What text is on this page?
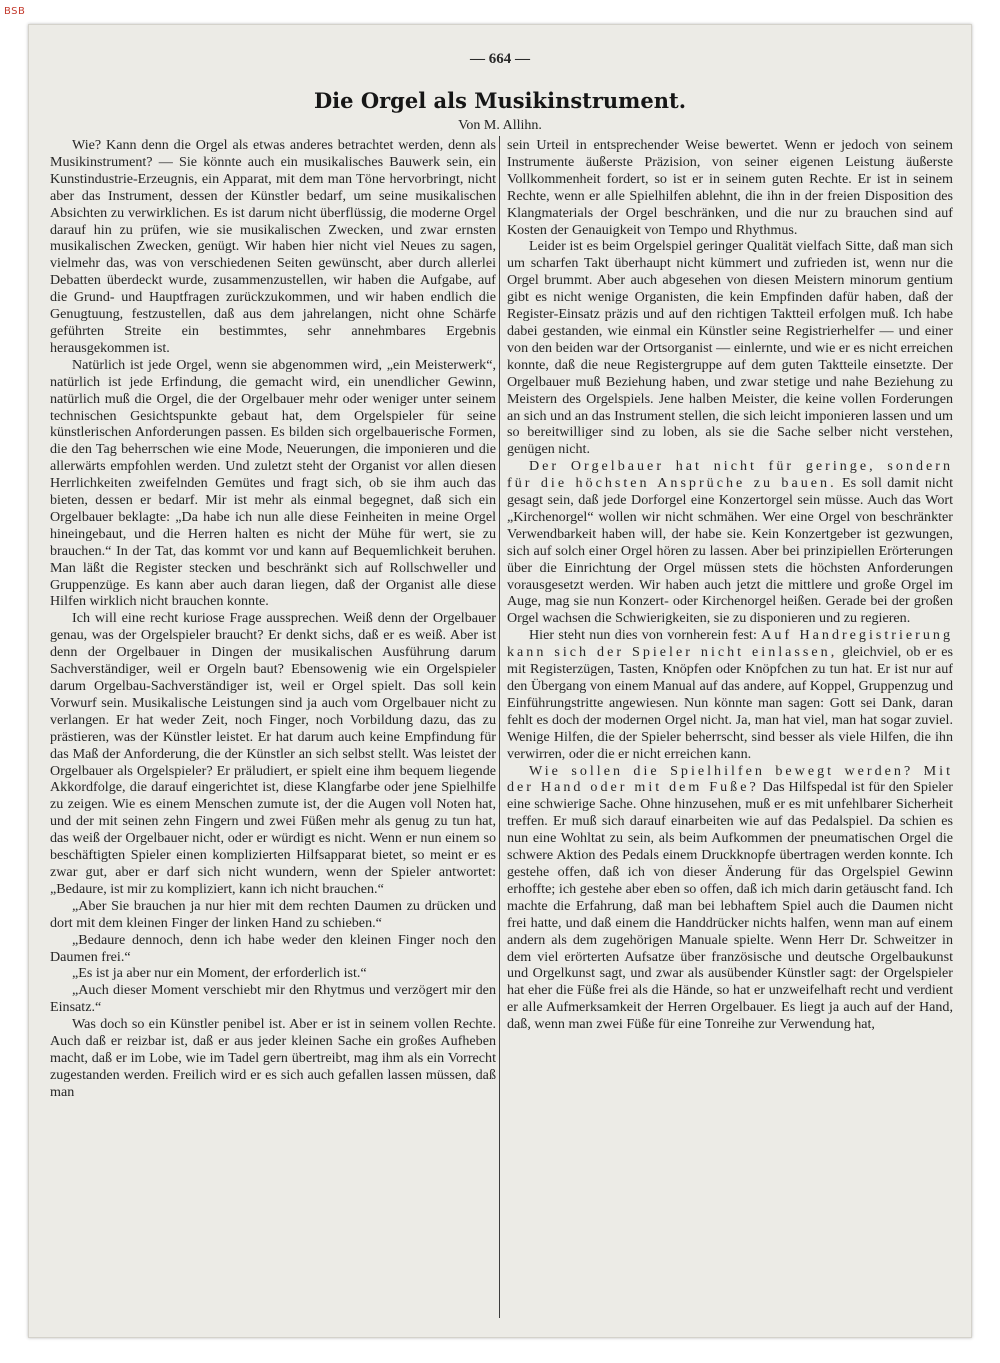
BSB
— 664 —
Die Orgel als Musikinstrument.
Von M. Allihn.

Wie? Kann denn die Orgel als etwas anderes betrachtet werden, denn als Musikinstrument? — Sie könnte auch ein musikalisches Bauwerk sein, ein Kunstindustrie-Erzeugnis, ein Apparat, mit dem man Töne hervorbringt, nicht aber das Instrument, dessen der Künstler bedarf, um seine musikalischen Absichten zu verwirklichen. Es ist darum nicht überflüssig, die moderne Orgel darauf hin zu prüfen, wie sie musikalischen Zwecken, und zwar ernsten musikalischen Zwecken, genügt. Wir haben hier nicht viel Neues zu sagen, vielmehr das, was von verschiedenen Seiten gewünscht, aber durch allerlei Debatten überdeckt wurde, zusammenzustellen, wir haben die Aufgabe, auf die Grund- und Hauptfragen zurückzukommen, und wir haben endlich die Genugtuung, festzustellen, daß aus dem jahrelangen, nicht ohne Schärfe geführten Streite ein bestimmtes, sehr annehmbares Ergebnis herausgekommen ist.

Natürlich ist jede Orgel, wenn sie abgenommen wird, „ein Meisterwerk“, natürlich ist jede Erfindung, die gemacht wird, ein unendlicher Gewinn, natürlich muß die Orgel, die der Orgelbauer mehr oder weniger unter seinem technischen Gesichtspunkte gebaut hat, dem Orgelspieler für seine künstlerischen Anforderungen passen. Es bilden sich orgelbauerische Formen, die den Tag beherrschen wie eine Mode, Neuerungen, die imponieren und die allerwärts empfohlen werden. Und zuletzt steht der Organist vor allen diesen Herrlichkeiten zweifelnden Gemütes und fragt sich, ob sie ihm auch das bieten, dessen er bedarf. Mir ist mehr als einmal begegnet, daß sich ein Orgelbauer beklagte: „Da habe ich nun alle diese Feinheiten in meine Orgel hineingebaut, und die Herren halten es nicht der Mühe für wert, sie zu brauchen.“ In der Tat, das kommt vor und kann auf Bequemlichkeit beruhen. Man läßt die Register stecken und beschränkt sich auf Rollschweller und Gruppenzüge. Es kann aber auch daran liegen, daß der Organist alle diese Hilfen wirklich nicht brauchen konnte.

Ich will eine recht kuriose Frage aussprechen. Weiß denn der Orgelbauer genau, was der Orgelspieler braucht? Er denkt sichs, daß er es weiß. Aber ist denn der Orgelbauer in Dingen der musikalischen Ausführung darum Sachverständiger, weil er Orgeln baut? Ebensowenig wie ein Orgelspieler darum Orgelbau-Sachverständiger ist, weil er Orgel spielt. Das soll kein Vorwurf sein. Musikalische Leistungen sind ja auch vom Orgelbauer nicht zu verlangen. Er hat weder Zeit, noch Finger, noch Vorbildung dazu, das zu prästieren, was der Künstler leistet. Er hat darum auch keine Empfindung für das Maß der Anforderung, die der Künstler an sich selbst stellt. Was leistet der Orgelbauer als Orgelspieler? Er präludiert, er spielt eine ihm bequem liegende Akkordfolge, die darauf eingerichtet ist, diese Klangfarbe oder jene Spielhilfe zu zeigen. Wie es einem Menschen zumute ist, der die Augen voll Noten hat, und der mit seinen zehn Fingern und zwei Füßen mehr als genug zu tun hat, das weiß der Orgelbauer nicht, oder er würdigt es nicht. Wenn er nun einem so beschäftigten Spieler einen komplizierten Hilfsapparat bietet, so meint er es zwar gut, aber er darf sich nicht wundern, wenn der Spieler antwortet: „Bedaure, ist mir zu kompliziert, kann ich nicht brauchen.“

„Aber Sie brauchen ja nur hier mit dem rechten Daumen zu drücken und dort mit dem kleinen Finger der linken Hand zu schieben.“

„Bedaure dennoch, denn ich habe weder den kleinen Finger noch den Daumen frei.“

„Es ist ja aber nur ein Moment, der erforderlich ist.“

„Auch dieser Moment verschiebt mir den Rhytmus und verzögert mir den Einsatz.“

Was doch so ein Künstler penibel ist. Aber er ist in seinem vollen Rechte. Auch daß er reizbar ist, daß er aus jeder kleinen Sache ein großes Aufheben macht, daß er im Lobe, wie im Tadel gern übertreibt, mag ihm als ein Vorrecht zugestanden werden. Freilich wird er es sich auch gefallen lassen müssen, daß man

sein Urteil in entsprechender Weise bewertet. Wenn er jedoch von seinem Instrumente äußerste Präzision, von seiner eigenen Leistung äußerste Vollkommenheit fordert, so ist er in seinem guten Rechte. Er ist in seinem Rechte, wenn er alle Spielhilfen ablehnt, die ihn in der freien Disposition des Klangmaterials der Orgel beschränken, und die nur zu brauchen sind auf Kosten der Genauigkeit von Tempo und Rhythmus.

Leider ist es beim Orgelspiel geringer Qualität vielfach Sitte, daß man sich um scharfen Takt überhaupt nicht kümmert und zufrieden ist, wenn nur die Orgel brummt. Aber auch abgesehen von diesen Meistern minorum gentium gibt es nicht wenige Organisten, die kein Empfinden dafür haben, daß der Register-Einsatz präzis und auf den richtigen Taktteil erfolgen muß. Ich habe dabei gestanden, wie einmal ein Künstler seine Registrierhelfer — und einer von den beiden war der Ortsorganist — einlernte, und wie er es nicht erreichen konnte, daß die neue Registergruppe auf dem guten Taktteile einsetzte. Der Orgelbauer muß Beziehung haben, und zwar stetige und nahe Beziehung zu Meistern des Orgelspiels. Jene halben Meister, die keine vollen Forderungen an sich und an das Instrument stellen, die sich leicht imponieren lassen und um so bereitwilliger sind zu loben, als sie die Sache selber nicht verstehen, genügen nicht.

Der Orgelbauer hat nicht für geringe, sondern für die höchsten Ansprüche zu bauen. Es soll damit nicht gesagt sein, daß jede Dorforgel eine Konzertorgel sein müsse. Auch das Wort „Kirchenorgel“ wollen wir nicht schmähen. Wer eine Orgel von beschränkter Verwendbarkeit haben will, der habe sie. Kein Konzertgeber ist gezwungen, sich auf solch einer Orgel hören zu lassen. Aber bei prinzipiellen Erörterungen über die Einrichtung der Orgel müssen stets die höchsten Anforderungen vorausgesetzt werden. Wir haben auch jetzt die mittlere und große Orgel im Auge, mag sie nun Konzert- oder Kirchenorgel heißen. Gerade bei der großen Orgel wachsen die Schwierigkeiten, sie zu disponieren und zu regieren.

Hier steht nun dies von vornherein fest: Auf Handregistrierung kann sich der Spieler nicht einlassen, gleichviel, ob er es mit Registerzügen, Tasten, Knöpfen oder Knöpfchen zu tun hat. Er ist nur auf den Übergang von einem Manual auf das andere, auf Koppel, Gruppenzug und Einführungstritte angewiesen. Nun könnte man sagen: Gott sei Dank, daran fehlt es doch der modernen Orgel nicht. Ja, man hat viel, man hat sogar zuviel. Wenige Hilfen, die der Spieler beherrscht, sind besser als viele Hilfen, die ihn verwirren, oder die er nicht erreichen kann.

Wie sollen die Spielhilfen bewegt werden? Mit der Hand oder mit dem Fuße? Das Hilfspedal ist für den Spieler eine schwierige Sache. Ohne hinzusehen, muß er es mit unfehlbarer Sicherheit treffen. Er muß sich darauf einarbeiten wie auf das Pedalspiel. Da schien es nun eine Wohltat zu sein, als beim Aufkommen der pneumatischen Orgel die schwere Aktion des Pedals einem Druckknopfe übertragen werden konnte. Ich gestehe offen, daß ich von dieser Änderung für das Orgelspiel Gewinn erhoffte; ich gestehe aber eben so offen, daß ich mich darin getäuscht fand. Ich machte die Erfahrung, daß man bei lebhaftem Spiel auch die Daumen nicht frei hatte, und daß einem die Handdrücker nichts halfen, wenn man auf einem andern als dem zugehörigen Manuale spielte. Wenn Herr Dr. Schweitzer in dem viel erörterten Aufsatze über französische und deutsche Orgelbaukunst und Orgelkunst sagt, und zwar als ausübender Künstler sagt: der Orgelspieler hat eher die Füße frei als die Hände, so hat er unzweifelhaft recht und verdient er alle Aufmerksamkeit der Herren Orgelbauer. Es liegt ja auch auf der Hand, daß, wenn man zwei Füße für eine Tonreihe zur Verwendung hat,
